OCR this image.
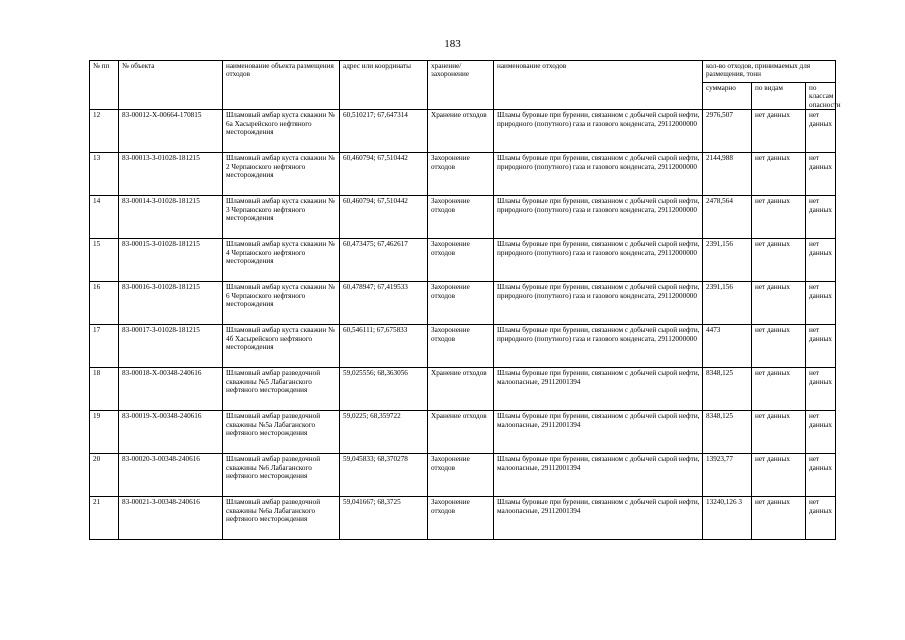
183
№ пп	№ объекта	наименование объекта размещения отходов	адрес или координаты	хранение/захоронение	наименование отходов	кол-во отходов, принимаемых для размещения, тонн		
						суммарно	по видам	по классам опасности
12	83-00012-Х-00664-170815	Шламовый амбар куста скважин № 6а Хасырейского нефтяного месторождения	60,510217; 67,647314	Хранение отходов	Шламы буровые при бурении, связанном с добычей сырой нефти, природного (попутного) газа и газового конденсата, 29112000000	2976,507	нет данных	нет данных
13	83-00013-З-01028-181215	Шламовый амбар куста скважин № 2 Черпаюского нефтяного месторождения	60,460794; 67,510442	Захоронение отходов	Шламы буровые при бурении, связанном с добычей сырой нефти, природного (попутного) газа и газового конденсата, 29112000000	2144,988	нет данных	нет данных
14	83-00014-З-01028-181215	Шламовый амбар куста скважин № 3 Черпаюского нефтяного месторождения	60,460794; 67,510442	Захоронение отходов	Шламы буровые при бурении, связанном с добычей сырой нефти, природного (попутного) газа и газового конденсата, 29112000000	2478,564	нет данных	нет данных
15	83-00015-З-01028-181215	Шламовый амбар куста скважин № 4 Черпаюского нефтяного месторождения	60,473475; 67,462617	Захоронение отходов	Шламы буровые при бурении, связанном с добычей сырой нефти, природного (попутного) газа и газового конденсата, 29112000000	2391,156	нет данных	нет данных
16	83-00016-З-01028-181215	Шламовый амбар куста скважин № 6 Черпаюского нефтяного месторождения	60,478947; 67,419533	Захоронение отходов	Шламы буровые при бурении, связанном с добычей сырой нефти, природного (попутного) газа и газового конденсата, 29112000000	2391,156	нет данных	нет данных
17	83-00017-З-01028-181215	Шламовый амбар куста скважин № 4б Хасырейского нефтяного месторождения	60,546111; 67,675833	Захоронение отходов	Шламы буровые при бурении, связанном с добычей сырой нефти, природного (попутного) газа и газового конденсата, 29112000000	4473	нет данных	нет данных
18	83-00018-Х-00348-240616	Шламовый амбар разведочной скважины №5 Лабаганского нефтяного месторождения	59,025556; 68,363056	Хранение отходов	Шламы буровые при бурении, связанном с добычей сырой нефти, малоопасные, 29112001394	8348,125	нет данных	нет данных
19	83-00019-Х-00348-240616	Шламовый амбар разведочной скважины №5а Лабаганского нефтяного месторождения	59,0225; 68,359722	Хранение отходов	Шламы буровые при бурении, связанном с добычей сырой нефти, малоопасные, 29112001394	8348,125	нет данных	нет данных
20	83-00020-З-00348-240616	Шламовый амбар разведочной скважины №6 Лабаганского нефтяного месторождения	59,045833; 68,370278	Захоронение отходов	Шламы буровые при бурении, связанном с добычей сырой нефти, малоопасные, 29112001394	13923,77	нет данных	нет данных
21	83-00021-З-00348-240616	Шламовый амбар разведочной скважины №6а Лабаганского нефтяного месторождения	59,041667; 68,3725	Захоронение отходов	Шламы буровые при бурении, связанном с добычей сырой нефти, малоопасные, 29112001394	13240,126 3	нет данных	нет данных
